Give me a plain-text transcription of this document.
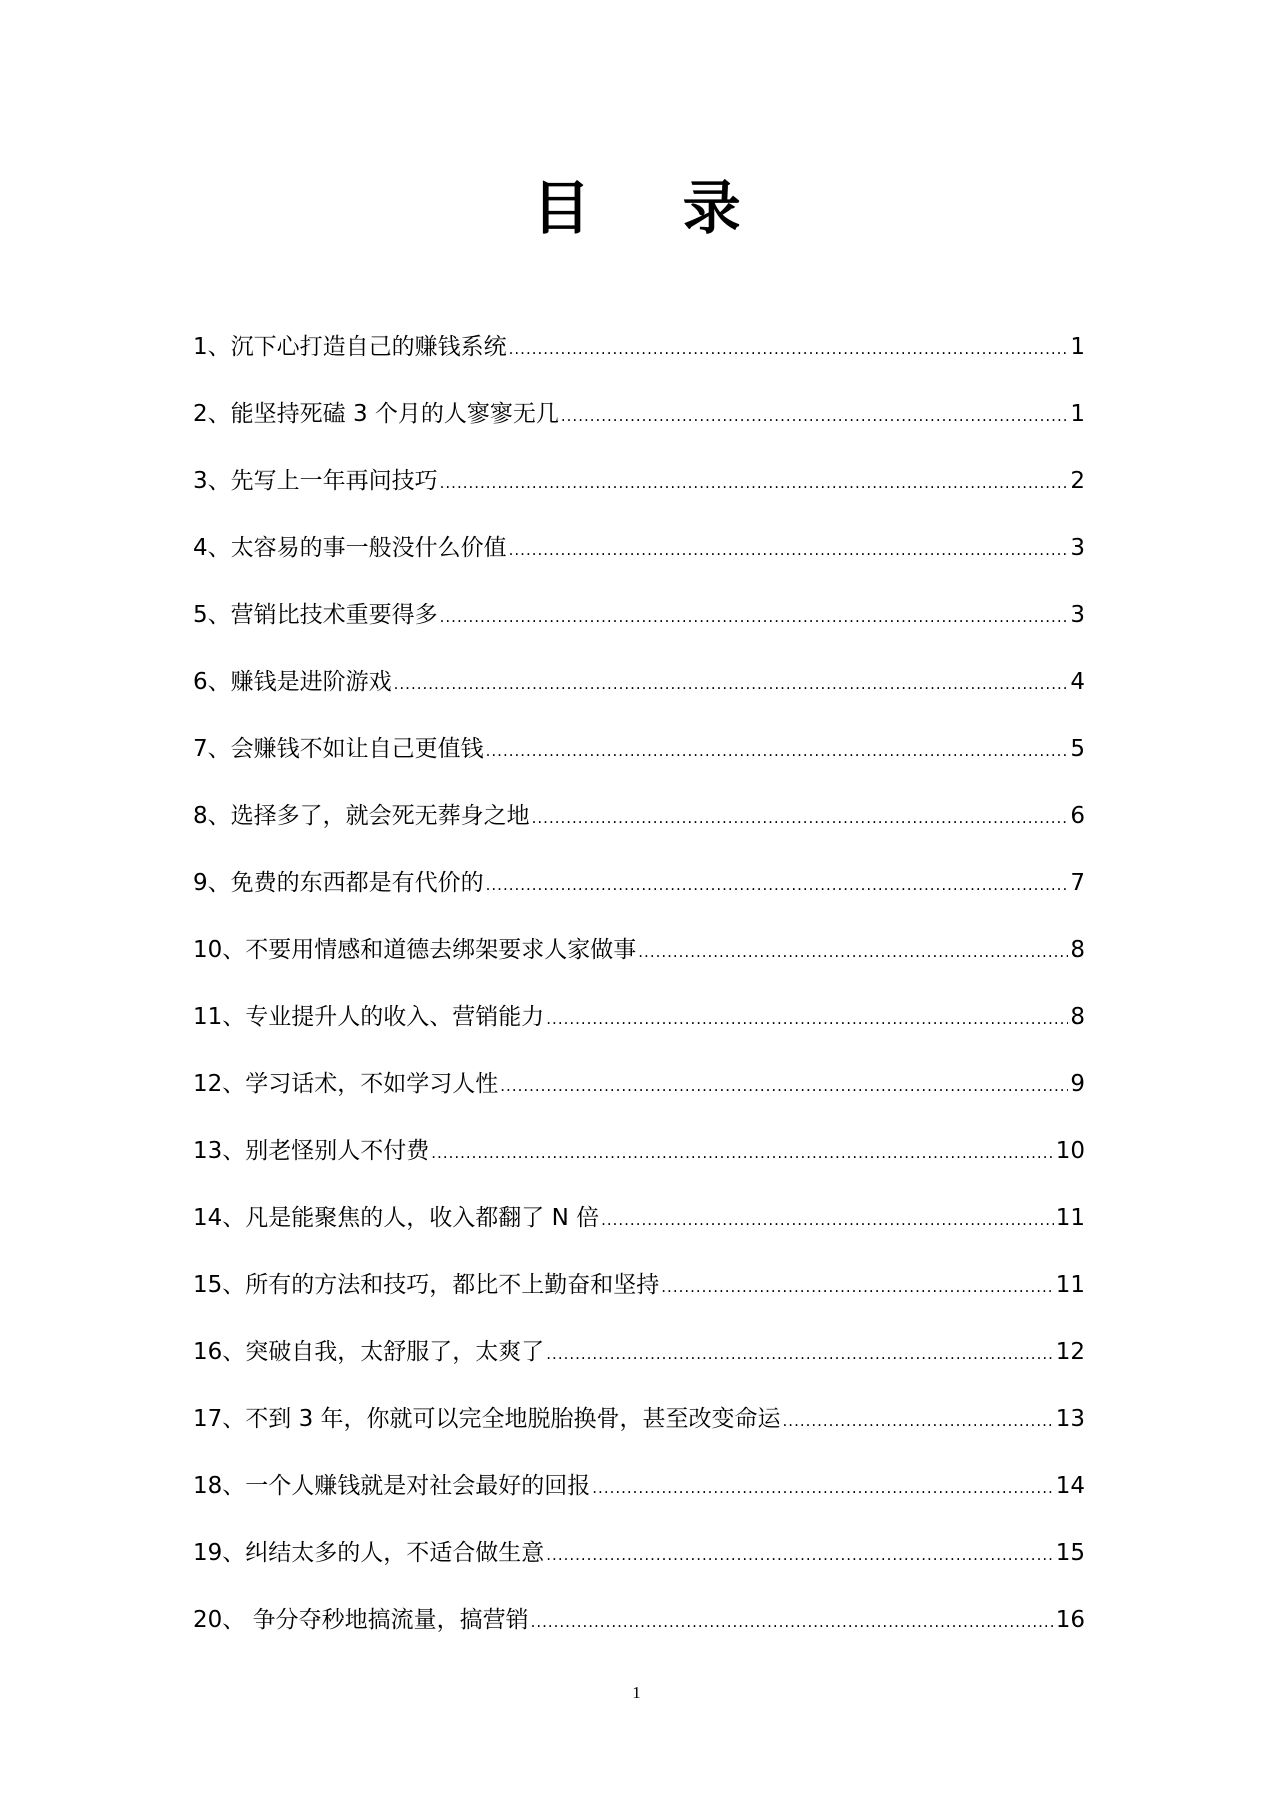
目 录
1、沉下心打造自己的赚钱系统 .....	1
2、能坚持死磕 3 个月的人寥寥无几 .....	1
3、先写上一年再问技巧 .....	2
4、太容易的事一般没什么价值 .....	3
5、营销比技术重要得多 .....	3
6、赚钱是进阶游戏 .....	4
7、会赚钱不如让自己更值钱 .....	5
8、选择多了，就会死无葬身之地 .....	6
9、免费的东西都是有代价的 .....	7
10、不要用情感和道德去绑架要求人家做事 .....	8
11、专业提升人的收入、营销能力 .....	8
12、学习话术，不如学习人性 .....	9
13、别老怪别人不付费 .....	10
14、凡是能聚焦的人，收入都翻了 N 倍 .....	11
15、所有的方法和技巧，都比不上勤奋和坚持 .....	11
16、突破自我，太舒服了，太爽了 .....	12
17、不到 3 年，你就可以完全地脱胎换骨，甚至改变命运 .....	13
18、一个人赚钱就是对社会最好的回报 .....	14
19、纠结太多的人，不适合做生意 .....	15
20、 争分夺秒地搞流量，搞营销 .....	16
1
